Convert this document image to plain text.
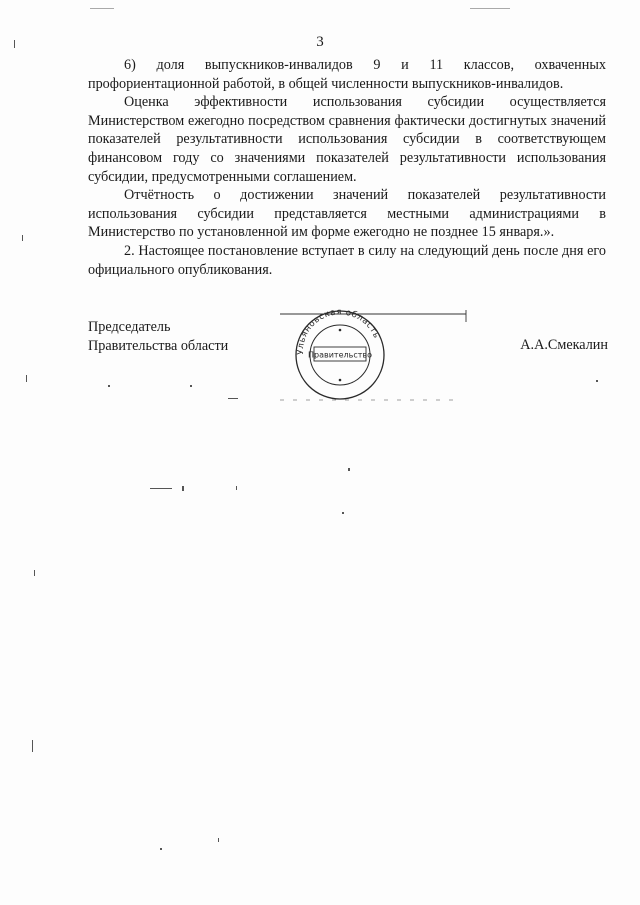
3

6) доля выпускников-инвалидов 9 и 11 классов, охваченных профориентационной работой, в общей численности выпускников-инвалидов.

Оценка эффективности использования субсидии осуществляется Министерством ежегодно посредством сравнения фактически достигнутых значений показателей результативности использования субсидии в соответствующем финансовом году со значениями показателей результативности использования субсидии, предусмотренными соглашением.

Отчётность о достижении значений показателей результативности использования субсидии представляется местными администрациями в Министерство по установленной им форме ежегодно не позднее 15 января.».

2. Настоящее постановление вступает в силу на следующий день после дня его официального опубликования.

Председатель
Правительства области	А.А.Смекалин
Ульяновская область
Правительство
